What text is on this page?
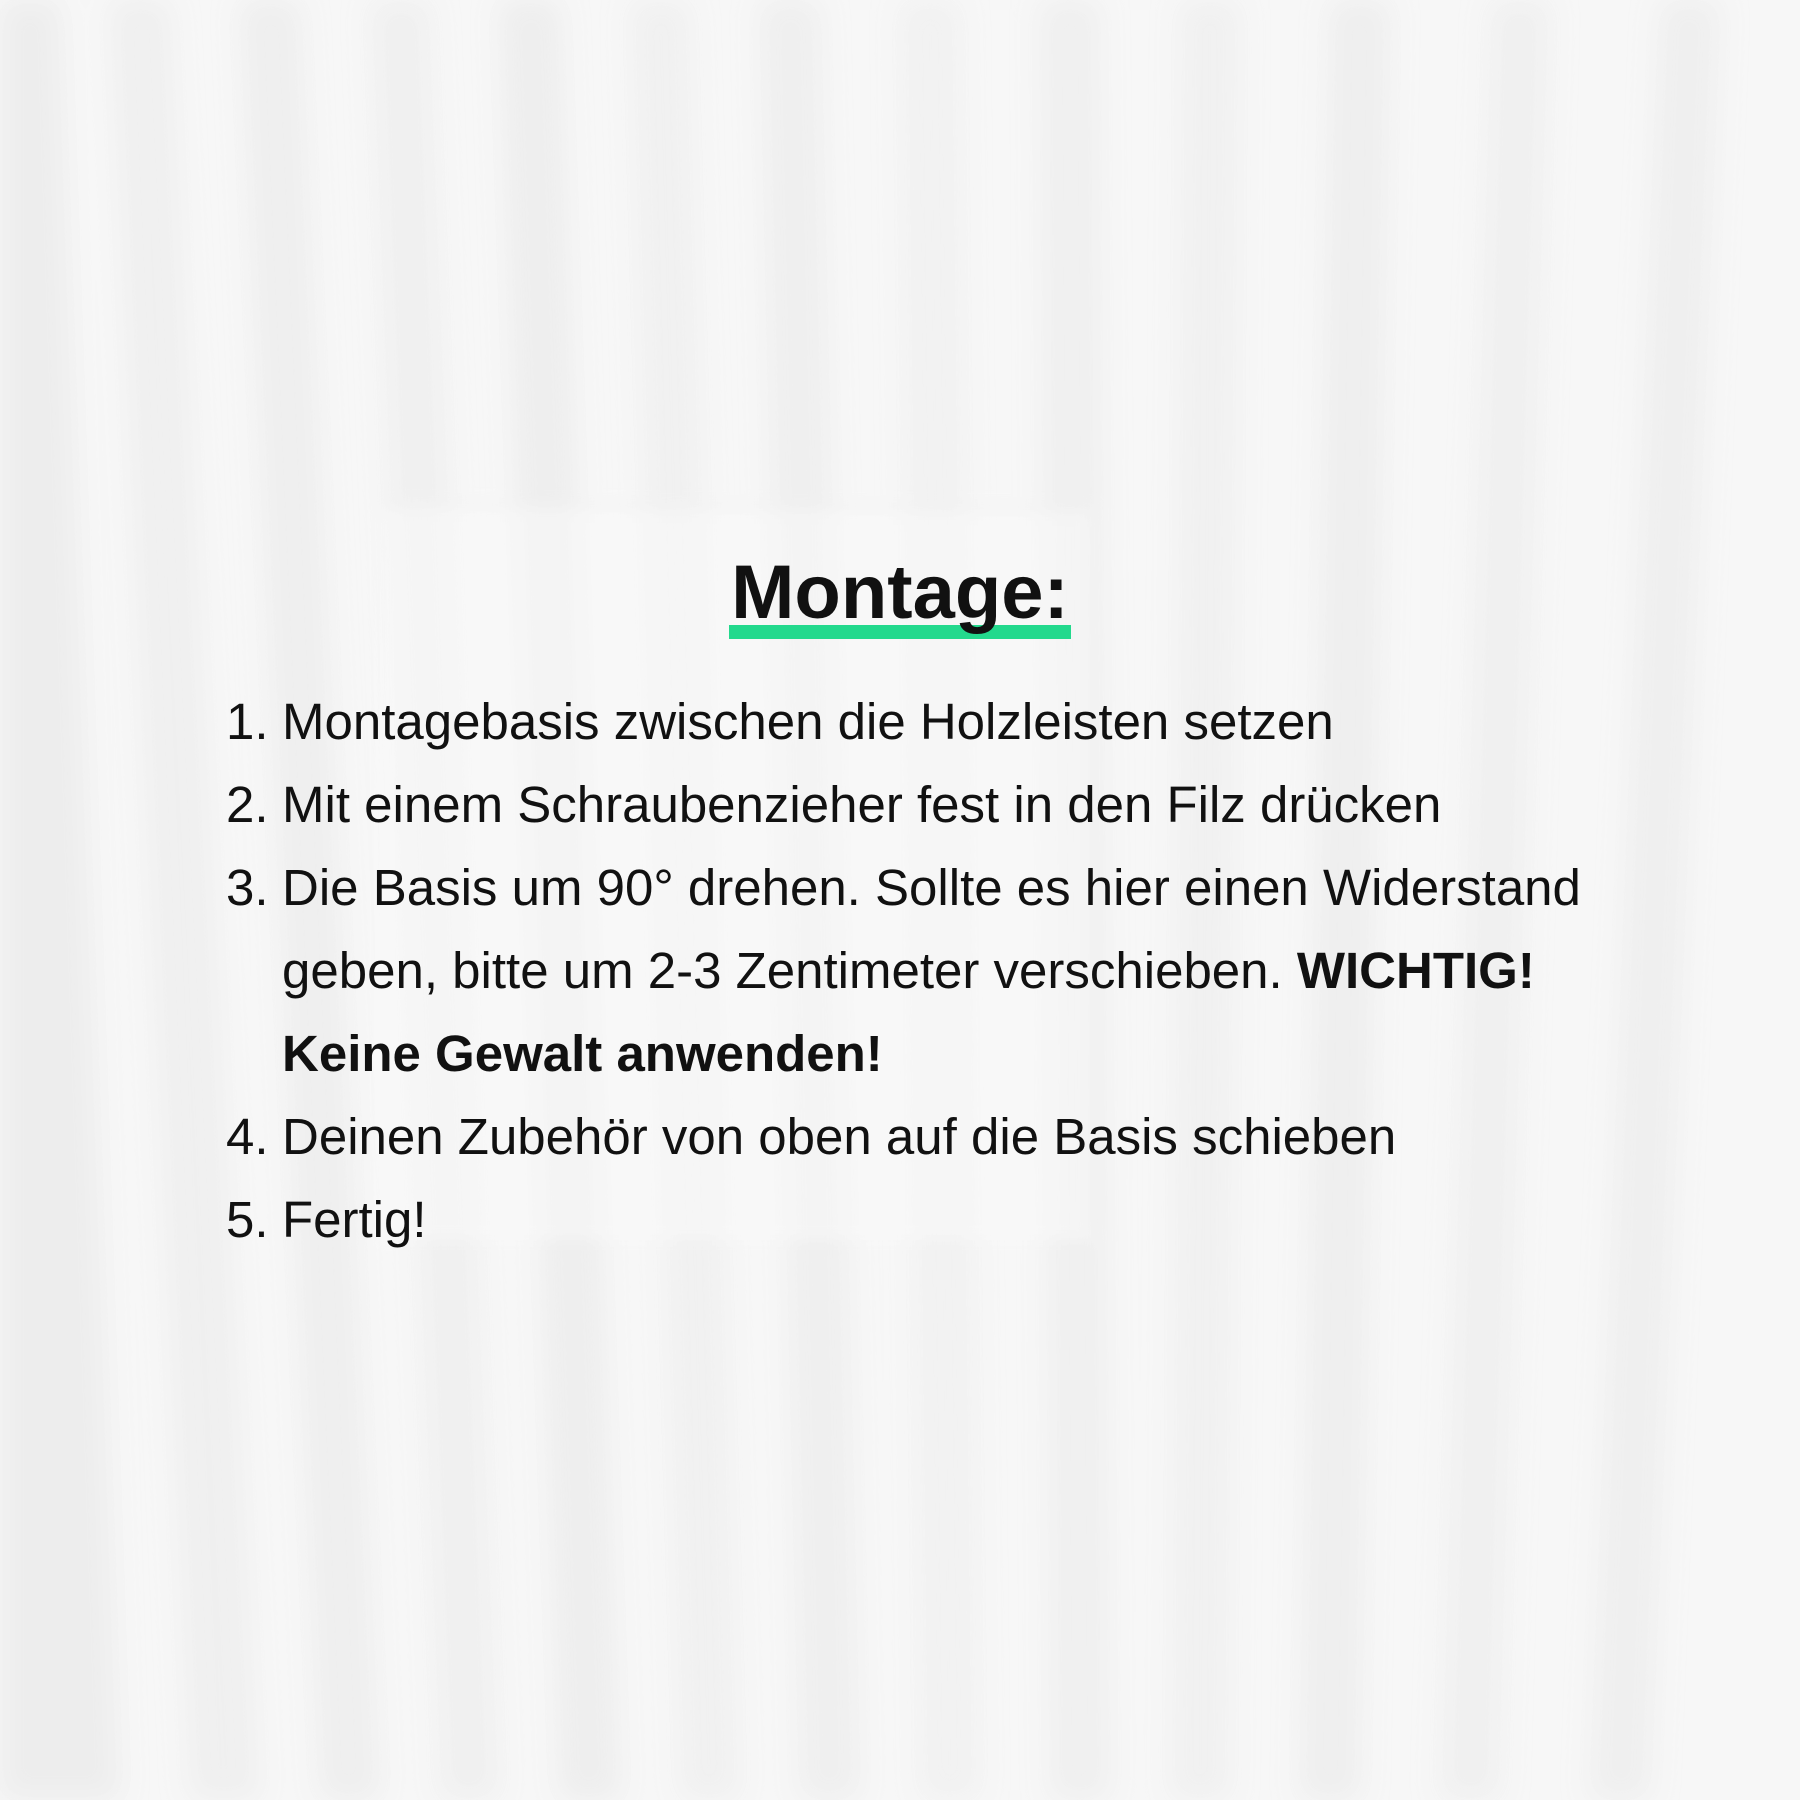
Montage:
1. Montagebasis zwischen die Holzleisten setzen
2. Mit einem Schraubenzieher fest in den Filz drücken
3. Die Basis um 90° drehen. Sollte es hier einen Widerstand geben, bitte um 2-3 Zentimeter verschieben. WICHTIG! Keine Gewalt anwenden!
4. Deinen Zubehör von oben auf die Basis schieben
5. Fertig!
